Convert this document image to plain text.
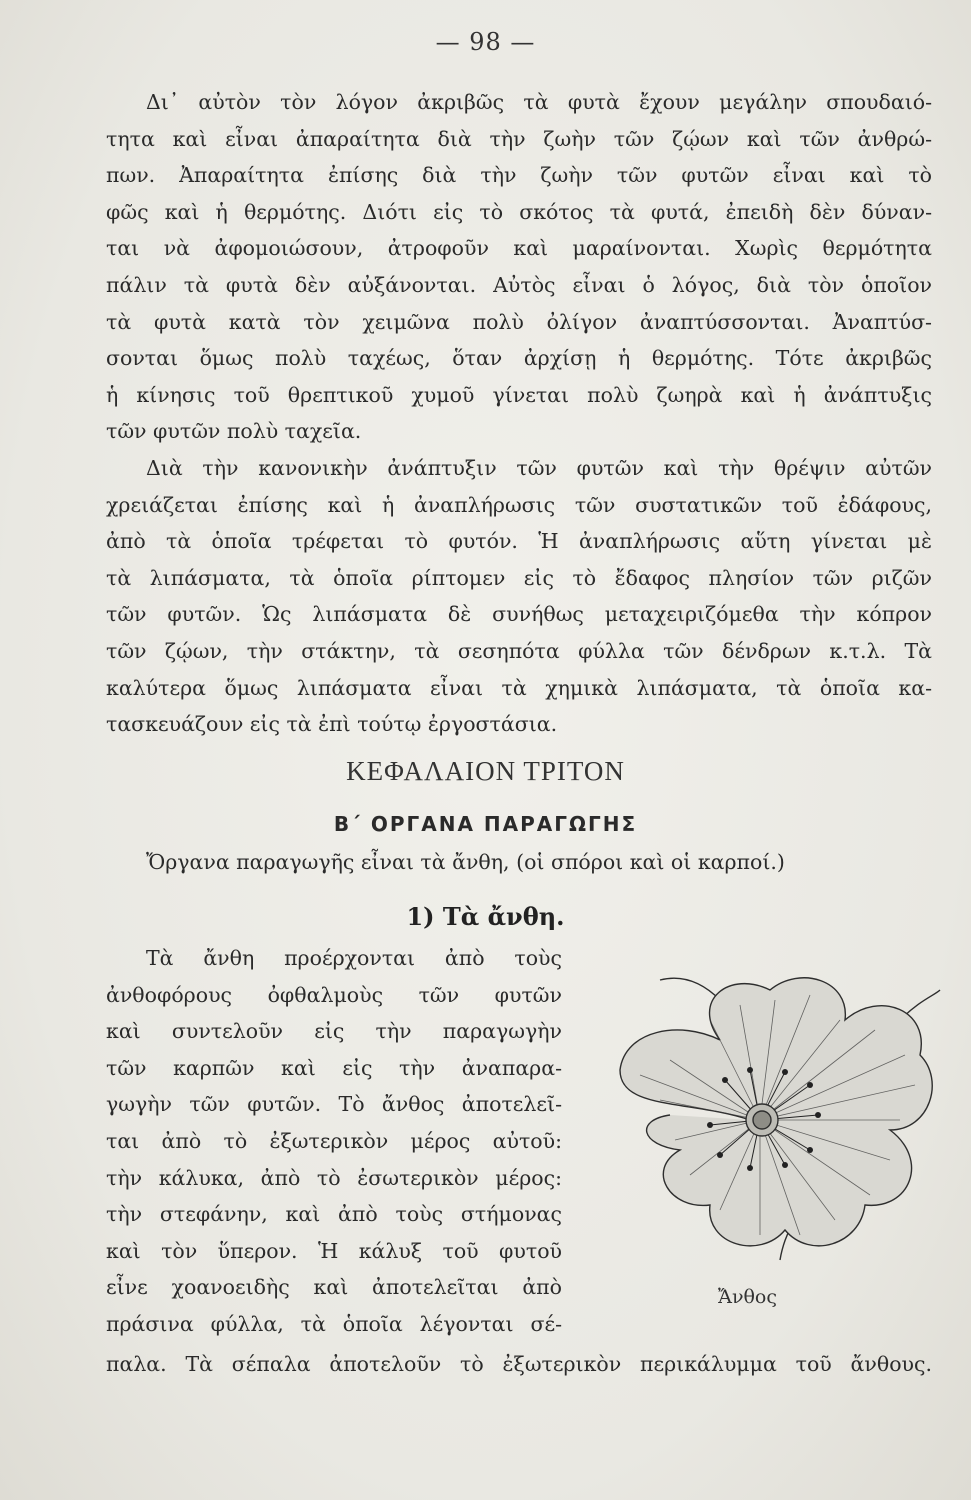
— 98 —
Δι᾿ αὐτὸν τὸν λόγον ἀκριβῶς τὰ φυτὰ ἔχουν μεγάλην σπουδαιό-
τητα καὶ εἶναι ἀπαραίτητα διὰ τὴν ζωὴν τῶν ζῴων καὶ τῶν ἀνθρώ-
πων. Ἀπαραίτητα ἐπίσης διὰ τὴν ζωὴν τῶν φυτῶν εἶναι καὶ τὸ
φῶς καὶ ἡ θερμότης. Διότι εἰς τὸ σκότος τὰ φυτά, ἐπειδὴ δὲν δύναν-
ται νὰ ἀφομοιώσουν, ἀτροφοῦν καὶ μαραίνονται. Χωρὶς θερμότητα
πάλιν τὰ φυτὰ δὲν αὐξάνονται. Αὐτὸς εἶναι ὁ λόγος, διὰ τὸν ὁποῖον
τὰ φυτὰ κατὰ τὸν χειμῶνα πολὺ ὀλίγον ἀναπτύσσονται. Ἀναπτύσ-
σονται ὅμως πολὺ ταχέως, ὅταν ἀρχίσῃ ἡ θερμότης. Τότε ἀκριβῶς
ἡ κίνησις τοῦ θρεπτικοῦ χυμοῦ γίνεται πολὺ ζωηρὰ καὶ ἡ ἀνάπτυξις
τῶν φυτῶν πολὺ ταχεῖα.
Διὰ τὴν κανονικὴν ἀνάπτυξιν τῶν φυτῶν καὶ τὴν θρέψιν αὐτῶν
χρειάζεται ἐπίσης καὶ ἡ ἀναπλήρωσις τῶν συστατικῶν τοῦ ἐδάφους,
ἀπὸ τὰ ὁποῖα τρέφεται τὸ φυτόν. Ἡ ἀναπλήρωσις αὕτη γίνεται μὲ
τὰ λιπάσματα, τὰ ὁποῖα ρίπτομεν εἰς τὸ ἔδαφος πλησίον τῶν ριζῶν
τῶν φυτῶν. Ὡς λιπάσματα δὲ συνήθως μεταχειριζόμεθα τὴν κόπρον
τῶν ζῴων, τὴν στάκτην, τὰ σεσηπότα φύλλα τῶν δένδρων κ.τ.λ. Τὰ
καλύτερα ὅμως λιπάσματα εἶναι τὰ χημικὰ λιπάσματα, τὰ ὁποῖα κα-
τασκευάζουν εἰς τὰ ἐπὶ τούτῳ ἐργοστάσια.
ΚΕΦΑΛΑΙΟΝ ΤΡΙΤΟΝ
Β΄ ΟΡΓΑΝΑ ΠΑΡΑΓΩΓΗΣ
Ὄργανα παραγωγῆς εἶναι τὰ ἄνθη, (οἱ σπόροι καὶ οἱ καρποί.)
1) Τὰ ἄνθη.
Τὰ ἄνθη προέρχονται ἀπὸ τοὺς
ἀνθοφόρους ὀφθαλμοὺς τῶν φυτῶν
καὶ συντελοῦν εἰς τὴν παραγωγὴν
τῶν καρπῶν καὶ εἰς τὴν ἀναπαρα-
γωγὴν τῶν φυτῶν. Τὸ ἄνθος ἀποτελεῖ-
ται ἀπὸ τὸ ἐξωτερικὸν μέρος αὐτοῦ:
τὴν κάλυκα, ἀπὸ τὸ ἐσωτερικὸν μέρος:
τὴν στεφάνην, καὶ ἀπὸ τοὺς στήμονας
καὶ τὸν ὕπερον. Ἡ κάλυξ τοῦ φυτοῦ
εἶνε χοανοειδὴς καὶ ἀποτελεῖται ἀπὸ
πράσινα φύλλα, τὰ ὁποῖα λέγονται σέ-
παλα. Τὰ σέπαλα ἀποτελοῦν τὸ ἐξωτερικὸν περικάλυμμα τοῦ ἄνθους.
Ἄνθος
